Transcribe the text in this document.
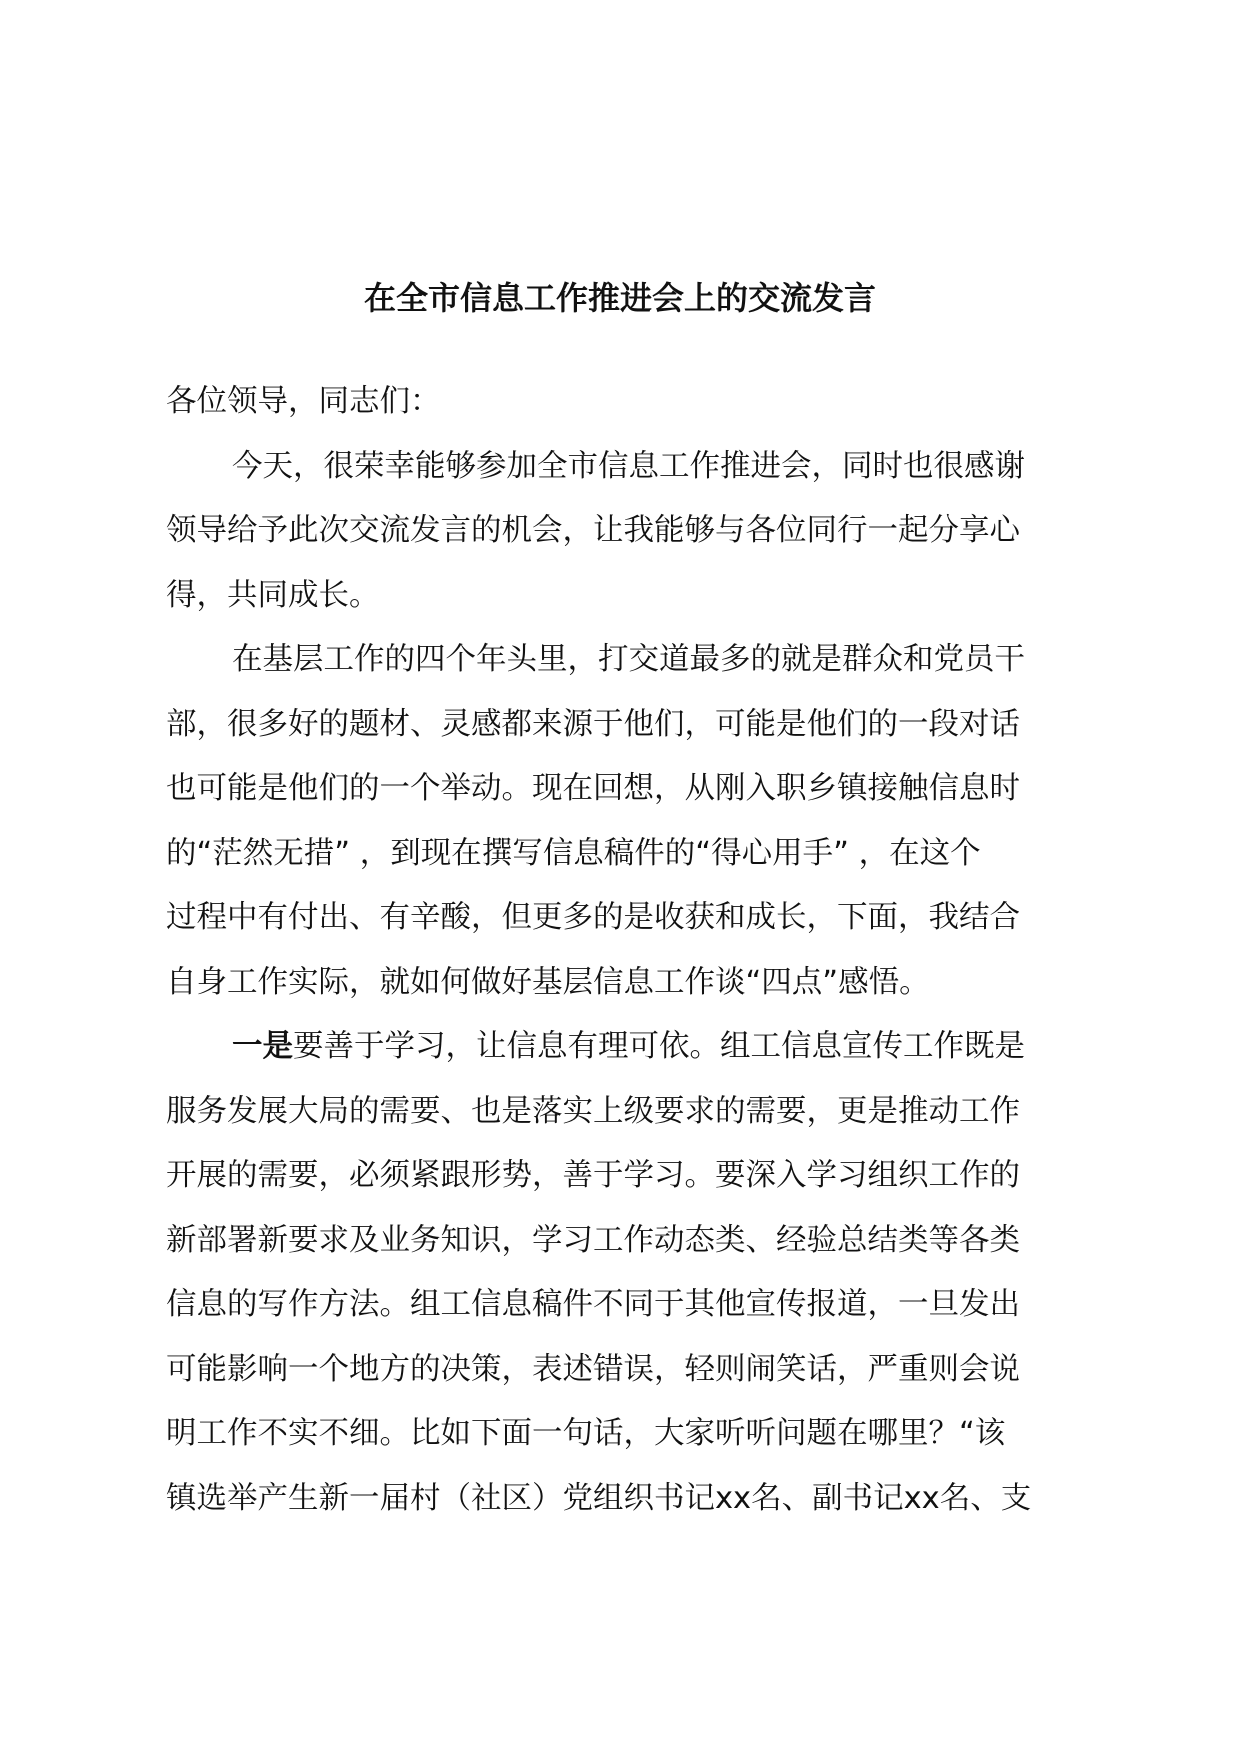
在全市信息工作推进会上的交流发言
各位领导，同志们：
今天，很荣幸能够参加全市信息工作推进会，同时也很感谢
领导给予此次交流发言的机会，让我能够与各位同行一起分享心
得，共同成长。
在基层工作的四个年头里，打交道最多的就是群众和党员干
部，很多好的题材、灵感都来源于他们，可能是他们的一段对话
也可能是他们的一个举动。现在回想，从刚入职乡镇接触信息时
的“茫然无措” ，到现在撰写信息稿件的“得心用手” ，在这个
过程中有付出、有辛酸，但更多的是收获和成长，下面，我结合
自身工作实际，就如何做好基层信息工作谈“四点”感悟。
一是要善于学习，让信息有理可依。组工信息宣传工作既是
服务发展大局的需要、也是落实上级要求的需要，更是推动工作
开展的需要，必须紧跟形势，善于学习。要深入学习组织工作的
新部署新要求及业务知识，学习工作动态类、经验总结类等各类
信息的写作方法。组工信息稿件不同于其他宣传报道，一旦发出
可能影响一个地方的决策，表述错误，轻则闹笑话，严重则会说
明工作不实不细。比如下面一句话，大家听听问题在哪里？“该
镇选举产生新一届村（社区）党组织书记xx名、副书记xx名、支
